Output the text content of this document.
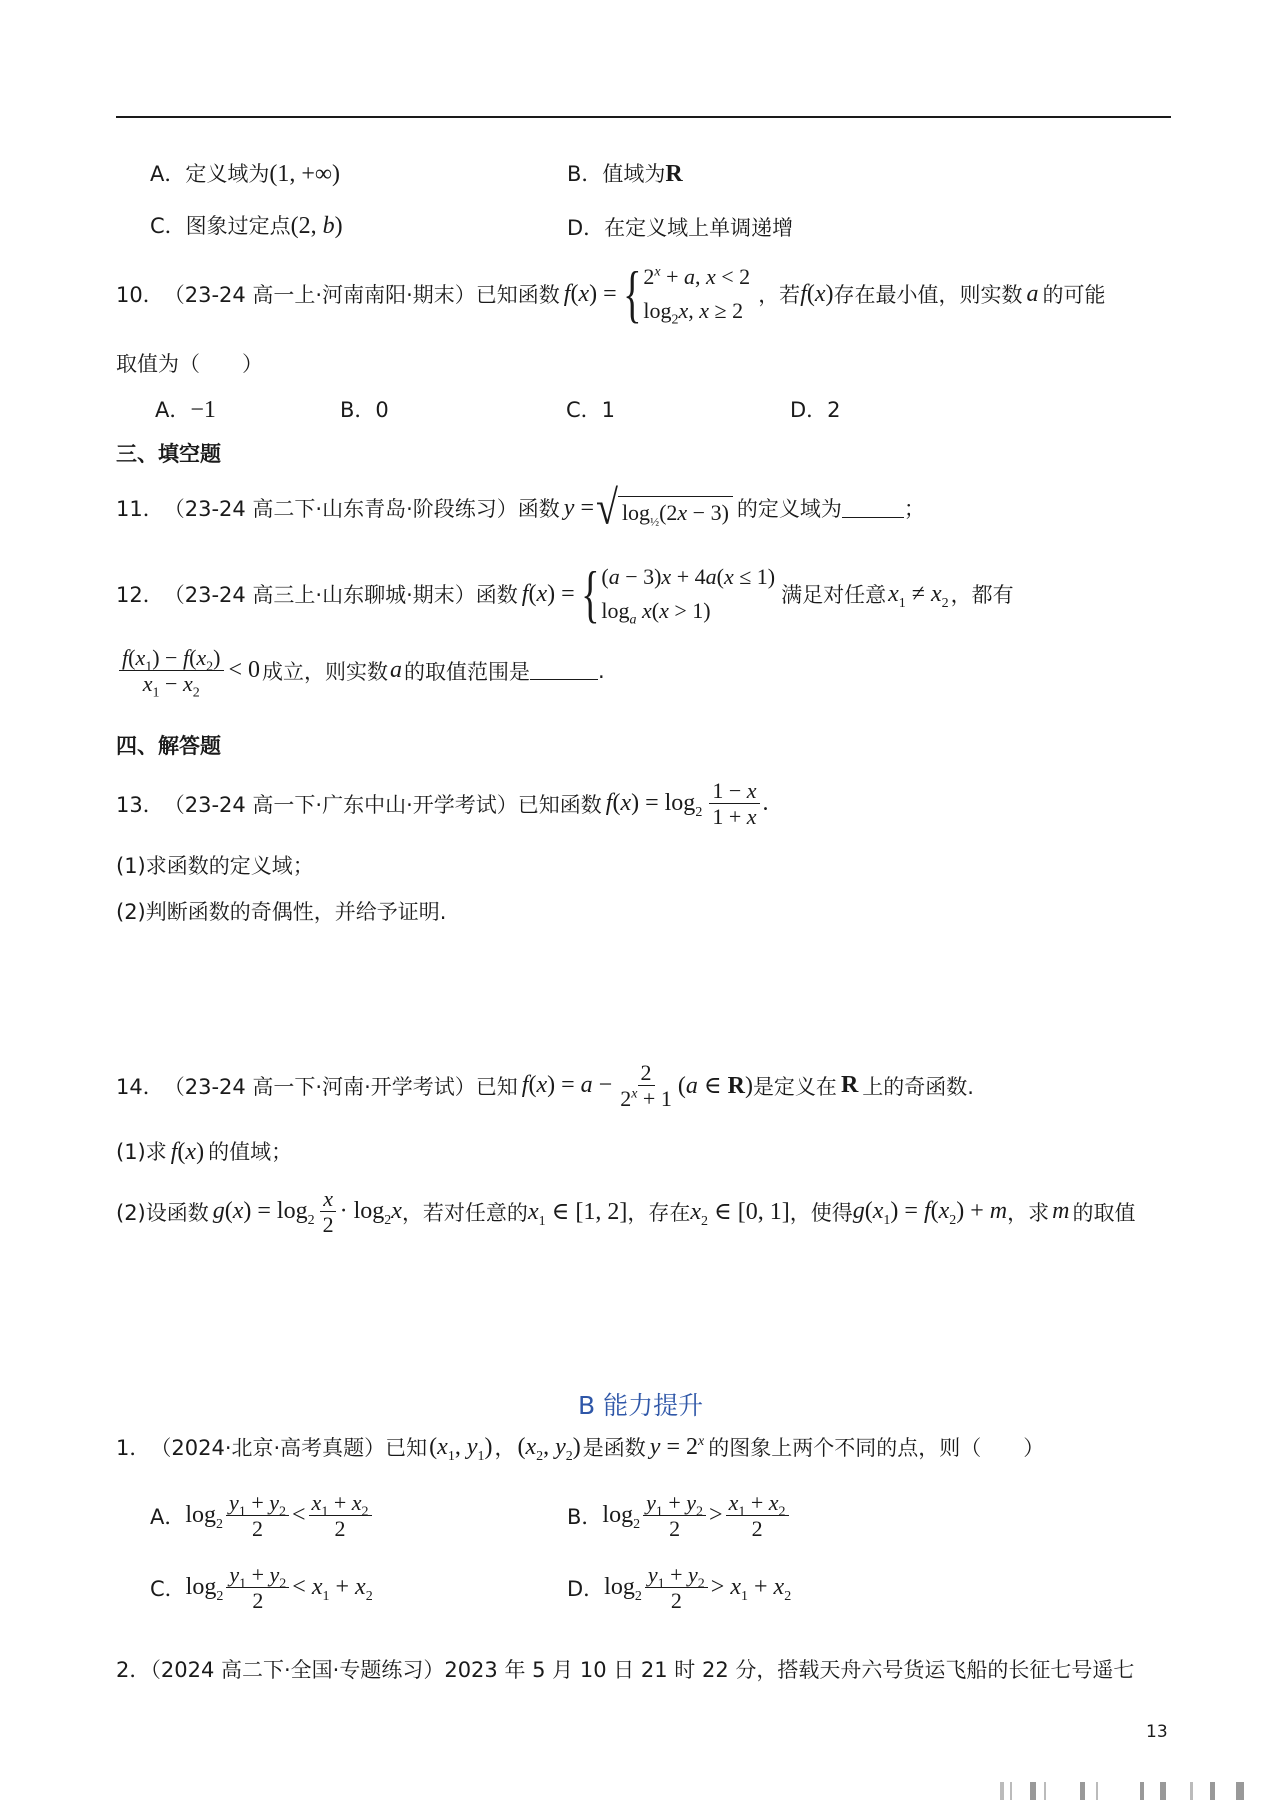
A．定义域为(1, +∞)	B．值域为R
C．图象过定点(2, b)	D．在定义域上单调递增
10． （23-24 高一上·河南南阳·期末）已知函数 f(x) = { $2^x + a$, x < 2
$\log_2x$, x ≥ 2
，若 f(x) 存在最小值，则实数 a 的可能
取值为（　　）
A．−1	B．0	C．1	D．2
三、填空题
11． （23-24 高二下·山东青岛·阶段练习）函数 y = √ $\log_{\frac{1}{2}}(2x - 3)$ 的定义域为	；
12． （23-24 高三上·山东聊城·期末）函数 f(x) = { (a − 3)x + 4a(x ≤ 1)
$\log_a x(x > 1)$
满足对任意 $x_1 \ne x_2$ ，都有
$\frac{f(x_1) - f(x_2)}{x_1 - x_2} < 0$ 成立，则实数 a 的取值范围是	.
四、解答题
13． （23-24 高一下·广东中山·开学考试）已知函数 $f(x) = \log_2 \frac{1 - x}{1 + x}$ .
(1)求函数的定义域；
(2)判断函数的奇偶性，并给予证明.
14． （23-24 高一下·河南·开学考试）已知 $f(x) = a - \frac{2}{2^x + 1} (a$ ∈ R) 是定义在 R 上的奇函数.
(1)求 f(x) 的值域；
(2)设函数 $g(x) = \log_2 \frac{x}{2} \cdot \log_2x$ ，若对任意的 $x_1$ ∈ [1, 2] ，存在 $x_2$ ∈ [0, 1] ，使得 $g(x_1) = f(x_2) + m$ ，求 m 的取值
B 能力提升
1． （2024·北京·高考真题）已知 ($x_1$, $y_1$) ， ($x_2$, $y_2$) 是函数 $y = 2^x$ 的图象上两个不同的点，则（　　）
A． $\log_2 \frac{y_1 + y_2}{2} < \frac{x_1 + x_2}{2}$	B． $\log_2 \frac{y_1 + y_2}{2} > \frac{x_1 + x_2}{2}$
C． $\log_2 \frac{y_1 + y_2}{2} < x_1 + x_2$	D． $\log_2 \frac{y_1 + y_2}{2} > x_1 + x_2$
2．（2024 高二下·全国·专题练习）2023 年 5 月 10 日 21 时 22 分，搭载天舟六号货运飞船的长征七号遥七
13
